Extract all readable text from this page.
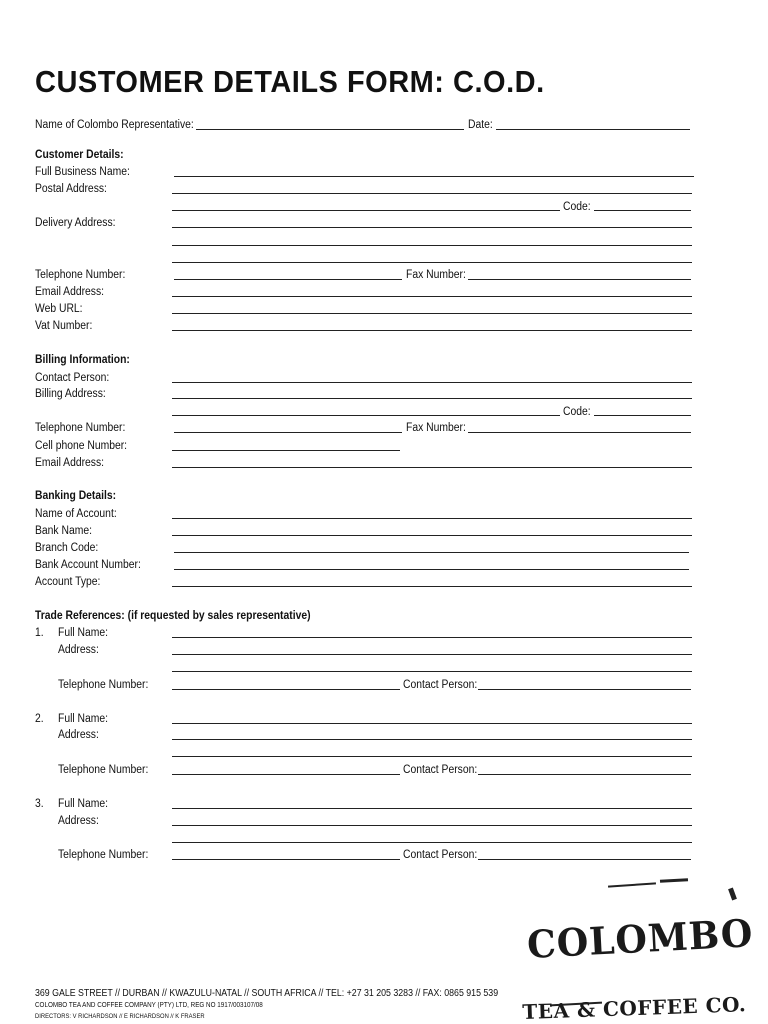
CUSTOMER DETAILS FORM: C.O.D.
Name of Colombo Representative:	Date:
Customer Details:
Full Business Name:
Postal Address:
Code:
Delivery Address:
Telephone Number:	Fax Number:
Email Address:
Web URL:
Vat Number:
Billing Information:
Contact Person:
Billing Address:
Code:
Telephone Number:	Fax Number:
Cell phone Number:
Email Address:
Banking Details:
Name of Account:
Bank Name:
Branch Code:
Bank Account Number:
Account Type:
Trade References: (if requested by sales representative)
1. Full Name:
Address:
Telephone Number:	Contact Person:
2. Full Name:
Address:
Telephone Number:	Contact Person:
3. Full Name:
Address:
Telephone Number:	Contact Person:
369 GALE STREET // DURBAN // KWAZULU-NATAL // SOUTH AFRICA // TEL: +27 31 205 3283 // FAX: 0865 915 539
COLOMBO TEA AND COFFEE COMPANY (PTY) LTD, REG NO 1917/003107/08
DIRECTORS: V RICHARDSON // E RICHARDSON // K FRASER
COLOMBO
TEA & COFFEE CO.
